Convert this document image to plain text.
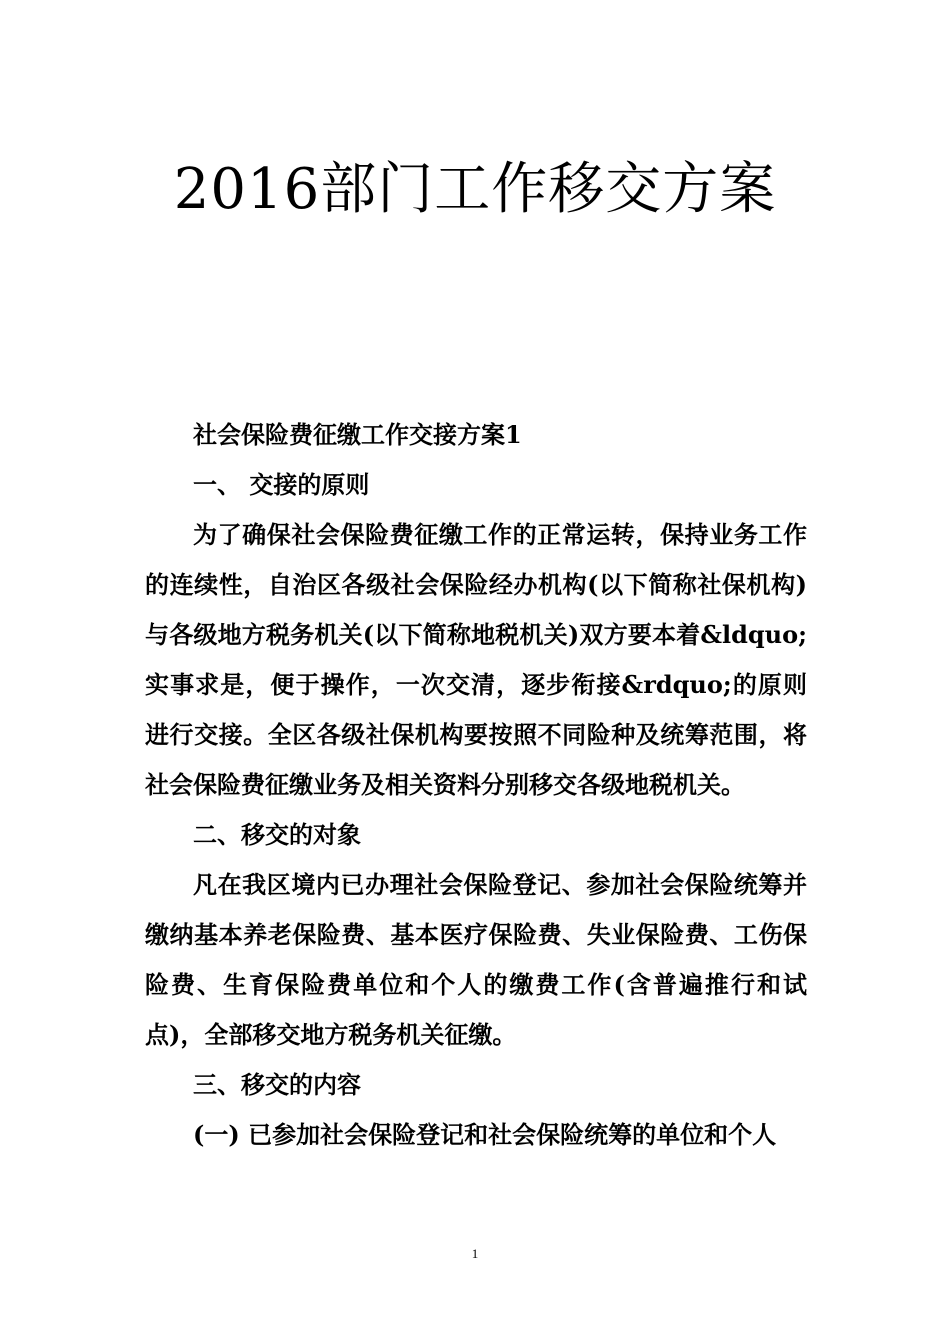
2016部门工作移交方案

社会保险费征缴工作交接方案1

一、 交接的原则

为了确保社会保险费征缴工作的正常运转，保持业务工作的连续性，自治区各级社会保险经办机构(以下简称社保机构)与各级地方税务机关(以下简称地税机关)双方要本着&ldquo;实事求是，便于操作，一次交清，逐步衔接&rdquo;的原则进行交接。全区各级社保机构要按照不同险种及统筹范围，将社会保险费征缴业务及相关资料分别移交各级地税机关。

二、移交的对象

凡在我区境内已办理社会保险登记、参加社会保险统筹并缴纳基本养老保险费、基本医疗保险费、失业保险费、工伤保险费、生育保险费单位和个人的缴费工作(含普遍推行和试点)，全部移交地方税务机关征缴。

三、移交的内容

(一) 已参加社会保险登记和社会保险统筹的单位和个人

1
